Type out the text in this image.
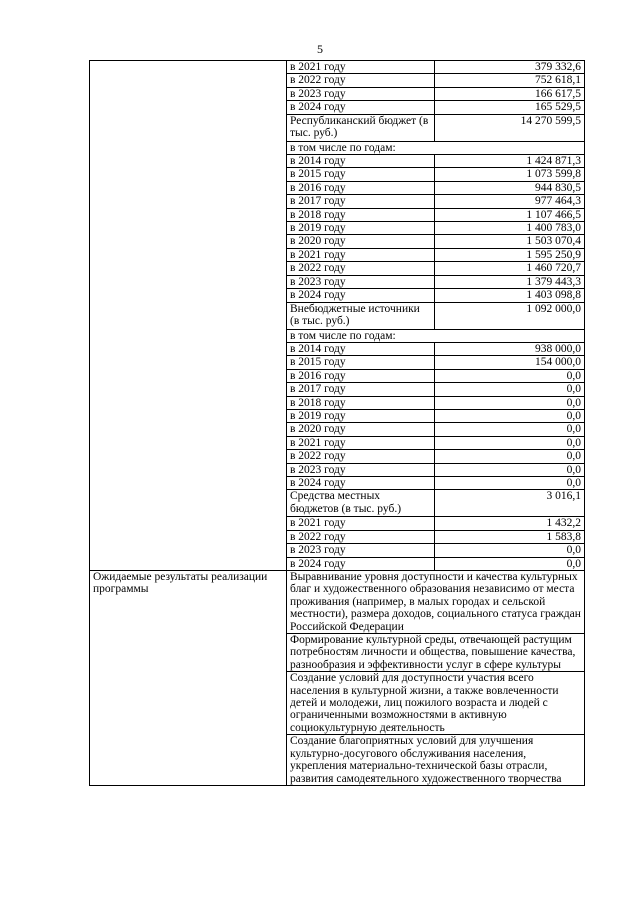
5
	в 2021 году	379 332,6
	в 2022 году	752 618,1
	в 2023 году	166 617,5
	в 2024 году	165 529,5
	Республиканский бюджет (в тыс. руб.)	14 270 599,5
	в том числе по годам:	
	в 2014 году	1 424 871,3
	в 2015 году	1 073 599,8
	в 2016 году	944 830,5
	в 2017 году	977 464,3
	в 2018 году	1 107 466,5
	в 2019 году	1 400 783,0
	в 2020 году	1 503 070,4
	в 2021 году	1 595 250,9
	в 2022 году	1 460 720,7
	в 2023 году	1 379 443,3
	в 2024 году	1 403 098,8
	Внебюджетные источники (в тыс. руб.)	1 092 000,0
	в том числе по годам:	
	в 2014 году	938 000,0
	в 2015 году	154 000,0
	в 2016 году	0,0
	в 2017 году	0,0
	в 2018 году	0,0
	в 2019 году	0,0
	в 2020 году	0,0
	в 2021 году	0,0
	в 2022 году	0,0
	в 2023 году	0,0
	в 2024 году	0,0
	Средства местных бюджетов (в тыс. руб.)	3 016,1
	в 2021 году	1 432,2
	в 2022 году	1 583,8
	в 2023 году	0,0
	в 2024 году	0,0
Ожидаемые результаты реализации программы	Выравнивание уровня доступности и качества культурных благ и художественного образования независимо от места проживания (например, в малых городах и сельской местности), размера доходов, социального статуса граждан Российской Федерации	
	Формирование культурной среды, отвечающей растущим потребностям личности и общества, повышение качества, разнообразия и эффективности услуг в сфере культуры	
	Создание условий для доступности участия всего населения в культурной жизни, а также вовлеченности детей и молодежи, лиц пожилого возраста и людей с ограниченными возможностями в активную социокультурную деятельность	
	Создание благоприятных условий для улучшения культурно-досугового обслуживания населения, укрепления материально-технической базы отрасли, развития самодеятельного художественного творчества	
